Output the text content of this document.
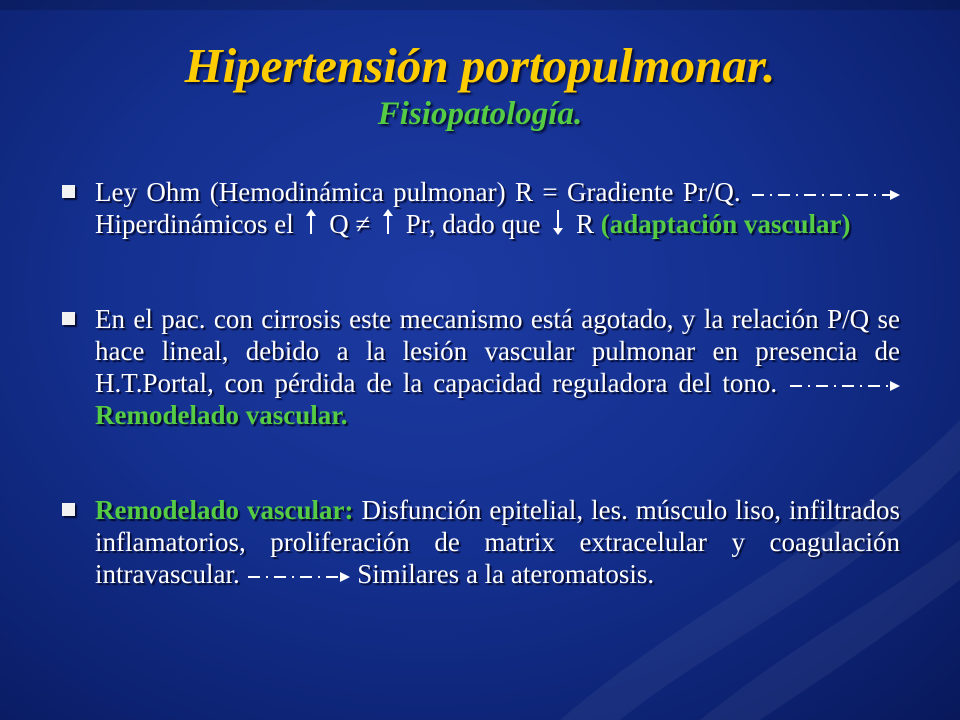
Hipertensión portopulmonar.
Fisiopatología.
Ley Ohm (Hemodinámica pulmonar) R = Gradiente Pr/Q.  Hiperdinámicos el Q ≠ Pr, dado que R (adaptación vascular)
En el pac. con cirrosis este mecanismo está agotado, y la relación P/Q se hace lineal, debido a la lesión vascular pulmonar en presencia de H.T.Portal, con pérdida de la capacidad reguladora del tono.  Remodelado vascular.
Remodelado vascular: Disfunción epitelial, les. músculo liso, infiltrados inflamatorios, proliferación de matrix extracelular y coagulación intravascular.	Similares a la ateromatosis.
